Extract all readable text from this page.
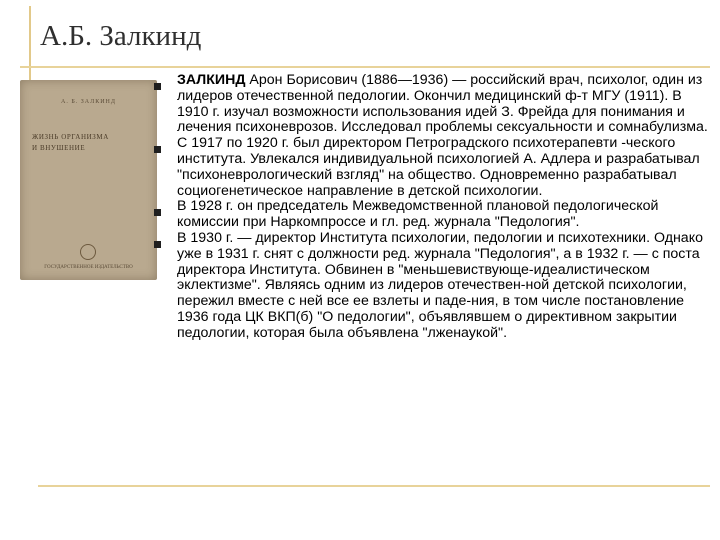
А.Б. Залкинд
А. Б. ЗАЛКИНД
ЖИЗНЬ ОРГАНИЗМА
И ВНУШЕНИЕ
ГОСУДАРСТВЕННОЕ ИЗДАТЕЛЬСТВО
ЗАЛКИНД Арон Борисович (1886—1936) — российский врач, психолог, один из лидеров отечественной педологии. Окончил медицинский ф-т МГУ (1911). В 1910 г. изучал возможности использования идей З. Фрейда для понимания и лечения психоневрозов. Исследовал проблемы сексуальности и сомнабулизма.
С 1917 по 1920 г. был директором Петроградского психотерапевти -ческого института. Увлекался индивидуальной психологией А. Адлера и разрабатывал "психоневрологический взгляд" на общество. Одновременно разрабатывал социогенетическое направление в детской психологии.
В 1928 г. он председатель Межведомственной плановой педологической комиссии при Наркомпроссе и гл. ред. журнала "Педология".
В 1930 г. — директор Института психологии, педологии и психотехники. Однако уже в 1931 г. снят с должности ред. журнала "Педология", а в 1932 г. — с поста директора Института. Обвинен в "меньшевиствующе-идеалистическом эклектизме". Являясь одним из лидеров отечествен-ной детской психологии, пережил вместе с ней все ее взлеты и паде-ния, в том числе постановление 1936 года ЦК ВКП(б) "О педологии", объявлявшем о директивном закрытии педологии, которая была объявлена "лженаукой".
